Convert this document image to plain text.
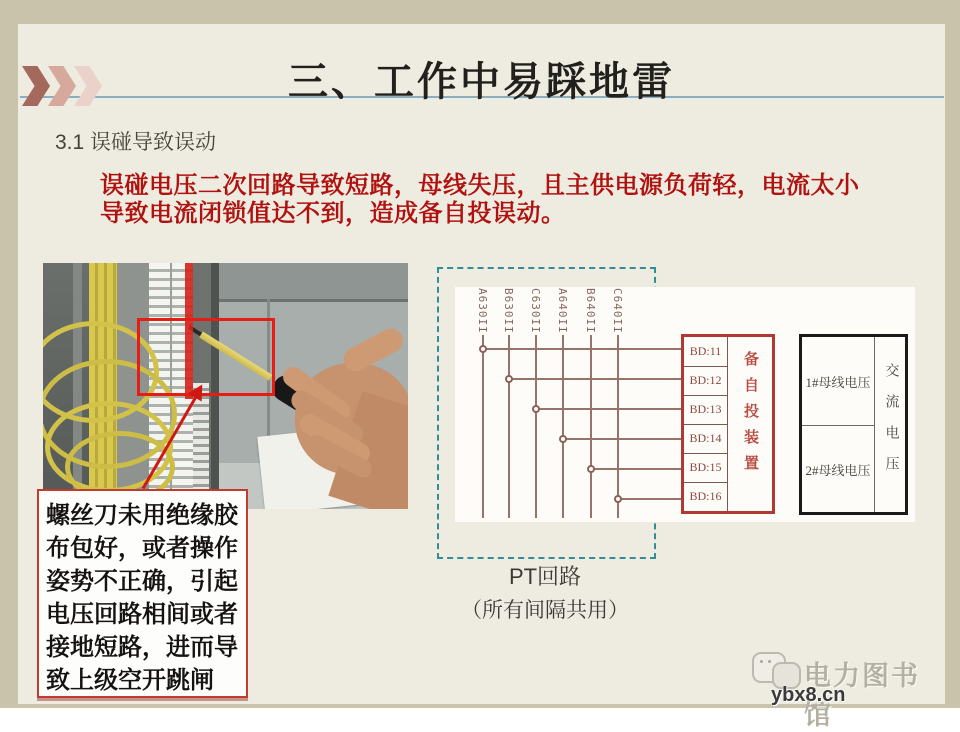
三、工作中易踩地雷
3.1 误碰导致误动
误碰电压二次回路导致短路，母线失压，且主供电源负荷轻，电流太小
导致电流闭锁值达不到，造成备自投误动。
螺丝刀未用绝缘胶布包好，或者操作姿势不正确，引起电压回路相间或者接地短路，进而导致上级空开跳闸
A630II B630II C630II A640II B640II C640II
BD:11
BD:12
BD:13
BD:14
BD:15
BD:16
备自投装置	1#母线电压
2#母线电压 交流电压
PT回路
（所有间隔共用）
电力图书馆
ybx8.cn
